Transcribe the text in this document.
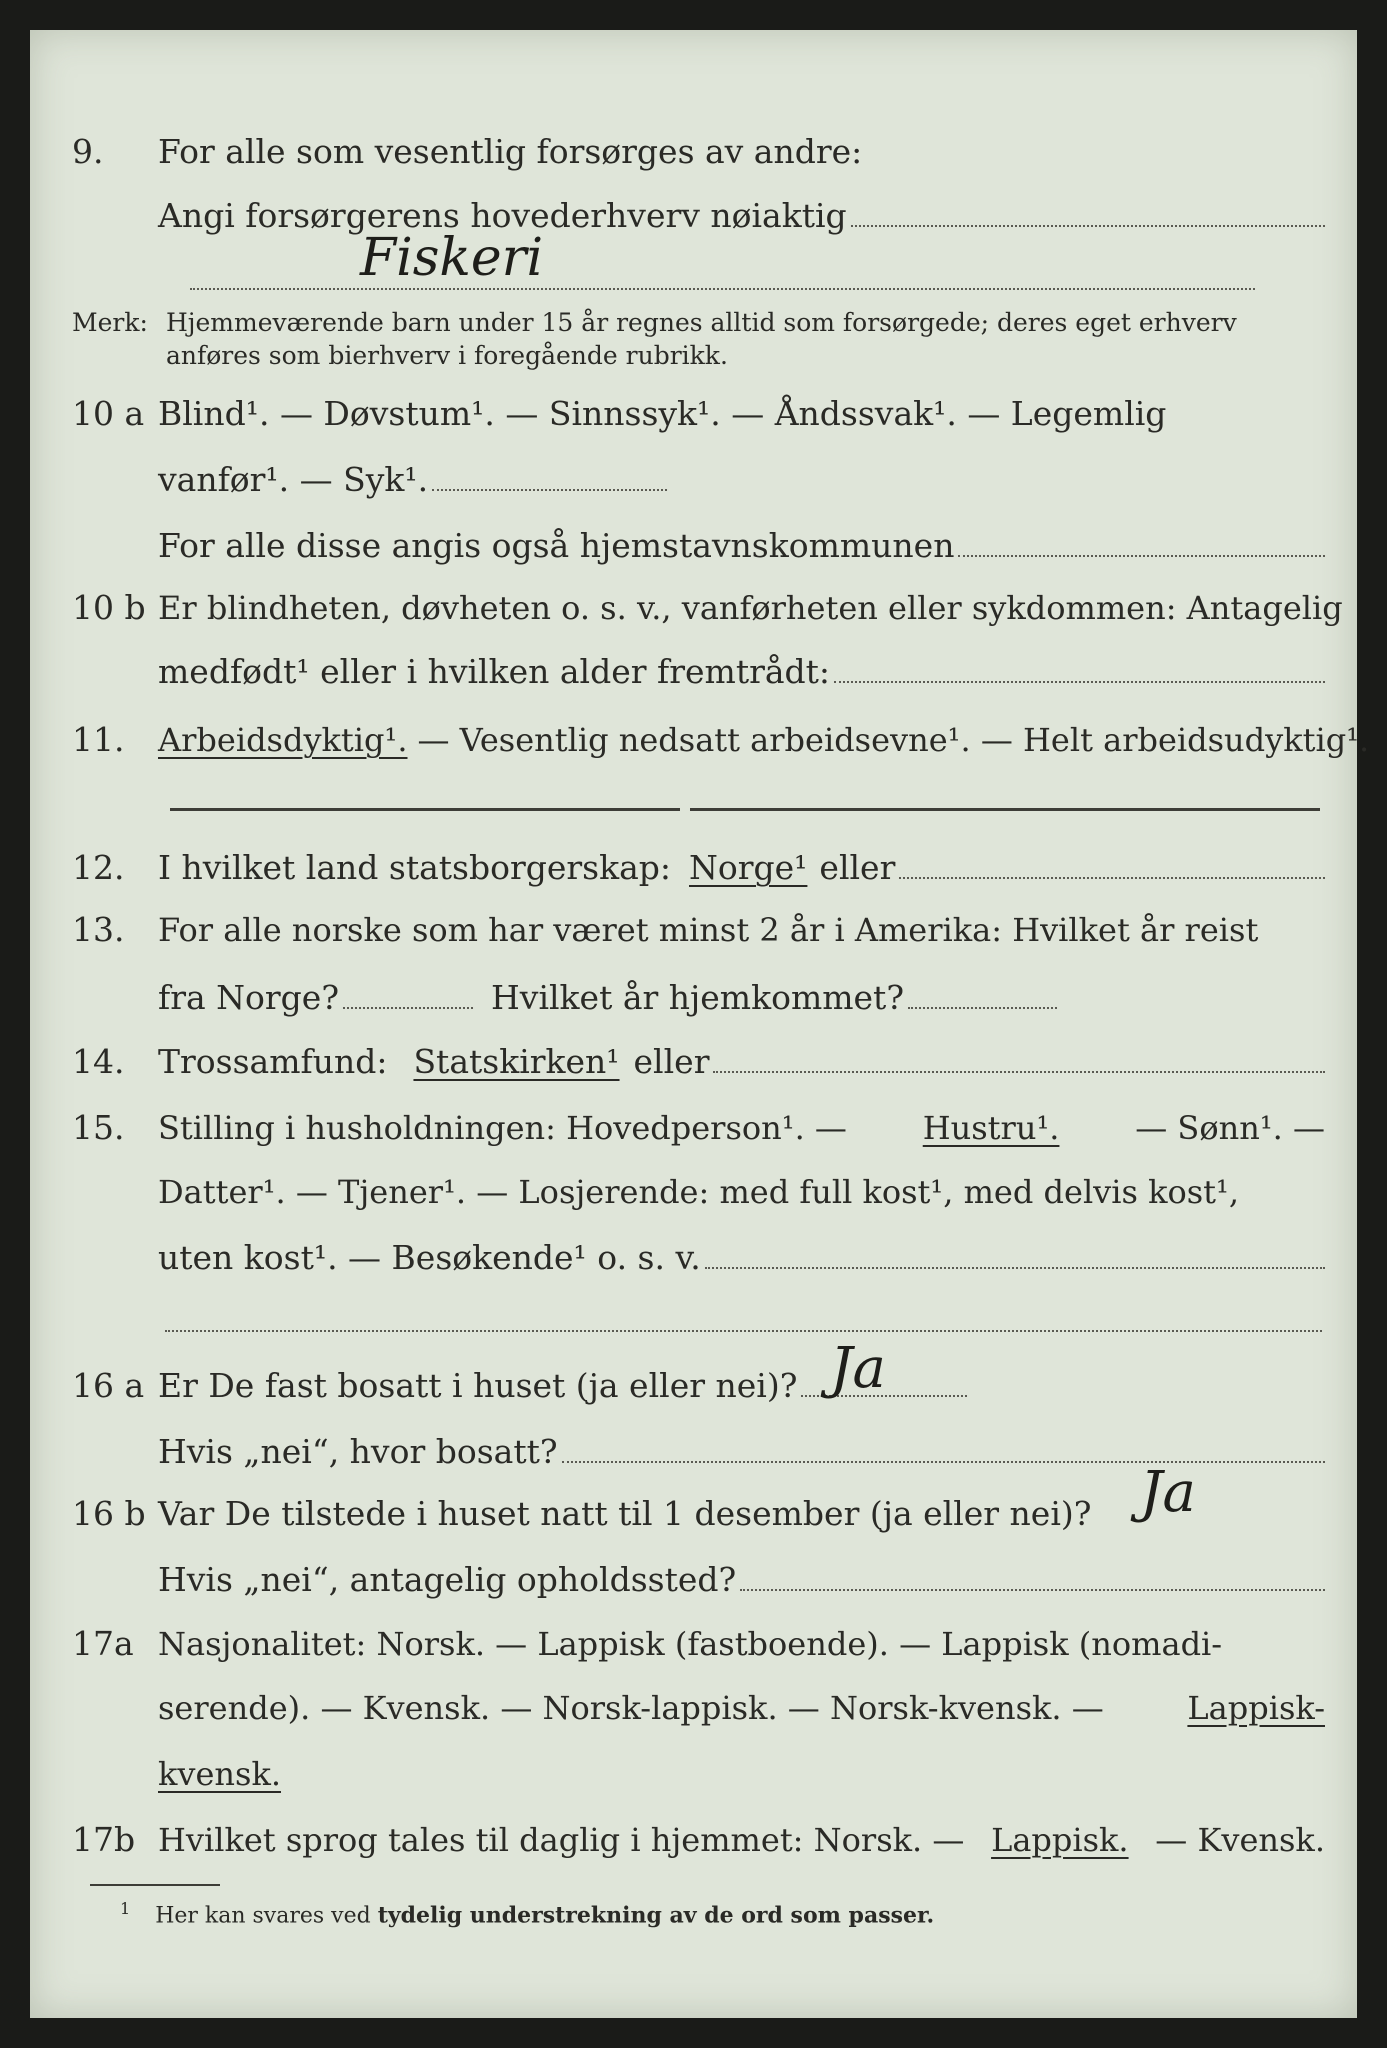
9. For alle som vesentlig forsørges av andre:
Angi forsørgerens hovederhverv nøiaktig
Fiskeri
Merk: Hjemmeværende barn under 15 år regnes alltid som forsørgede; deres eget erhverv
anføres som bierhverv i foregående rubrikk.
10 a Blind¹. — Døvstum¹. — Sinnssyk¹. — Åndssvak¹. — Legemlig
vanfør¹. — Syk¹.
For alle disse angis også hjemstavnskommunen
10 b Er blindheten, døvheten o. s. v., vanførheten eller sykdommen: Antagelig
medfødt¹ eller i hvilken alder fremtrådt:
11. Arbeidsdyktig¹. — Vesentlig nedsatt arbeidsevne¹. — Helt arbeidsudyktig¹.
12. I hvilket land statsborgerskap: Norge¹ eller
13. For alle norske som har været minst 2 år i Amerika: Hvilket år reist
fra Norge?	Hvilket år hjemkommet?
14. Trossamfund: Statskirken¹ eller
15. Stilling i husholdningen: Hovedperson¹. — Hustru¹. — Sønn¹. —
Datter¹. — Tjener¹. — Losjerende: med full kost¹, med delvis kost¹,
uten kost¹. — Besøkende¹ o. s. v.
16 a Er De fast bosatt i huset (ja eller nei)? Ja
Hvis „nei“, hvor bosatt?
16 b Var De tilstede i huset natt til 1 desember (ja eller nei)? Ja
Hvis „nei“, antagelig opholdssted?
17a Nasjonalitet: Norsk. — Lappisk (fastboende). — Lappisk (nomadi-
serende). — Kvensk. — Norsk-lappisk. — Norsk-kvensk. —	Lappisk-
kvensk.
17b Hvilket sprog tales til daglig i hjemmet: Norsk. — Lappisk. — Kvensk.
$^1$ Her kan svares ved tydelig understrekning av de ord som passer.
